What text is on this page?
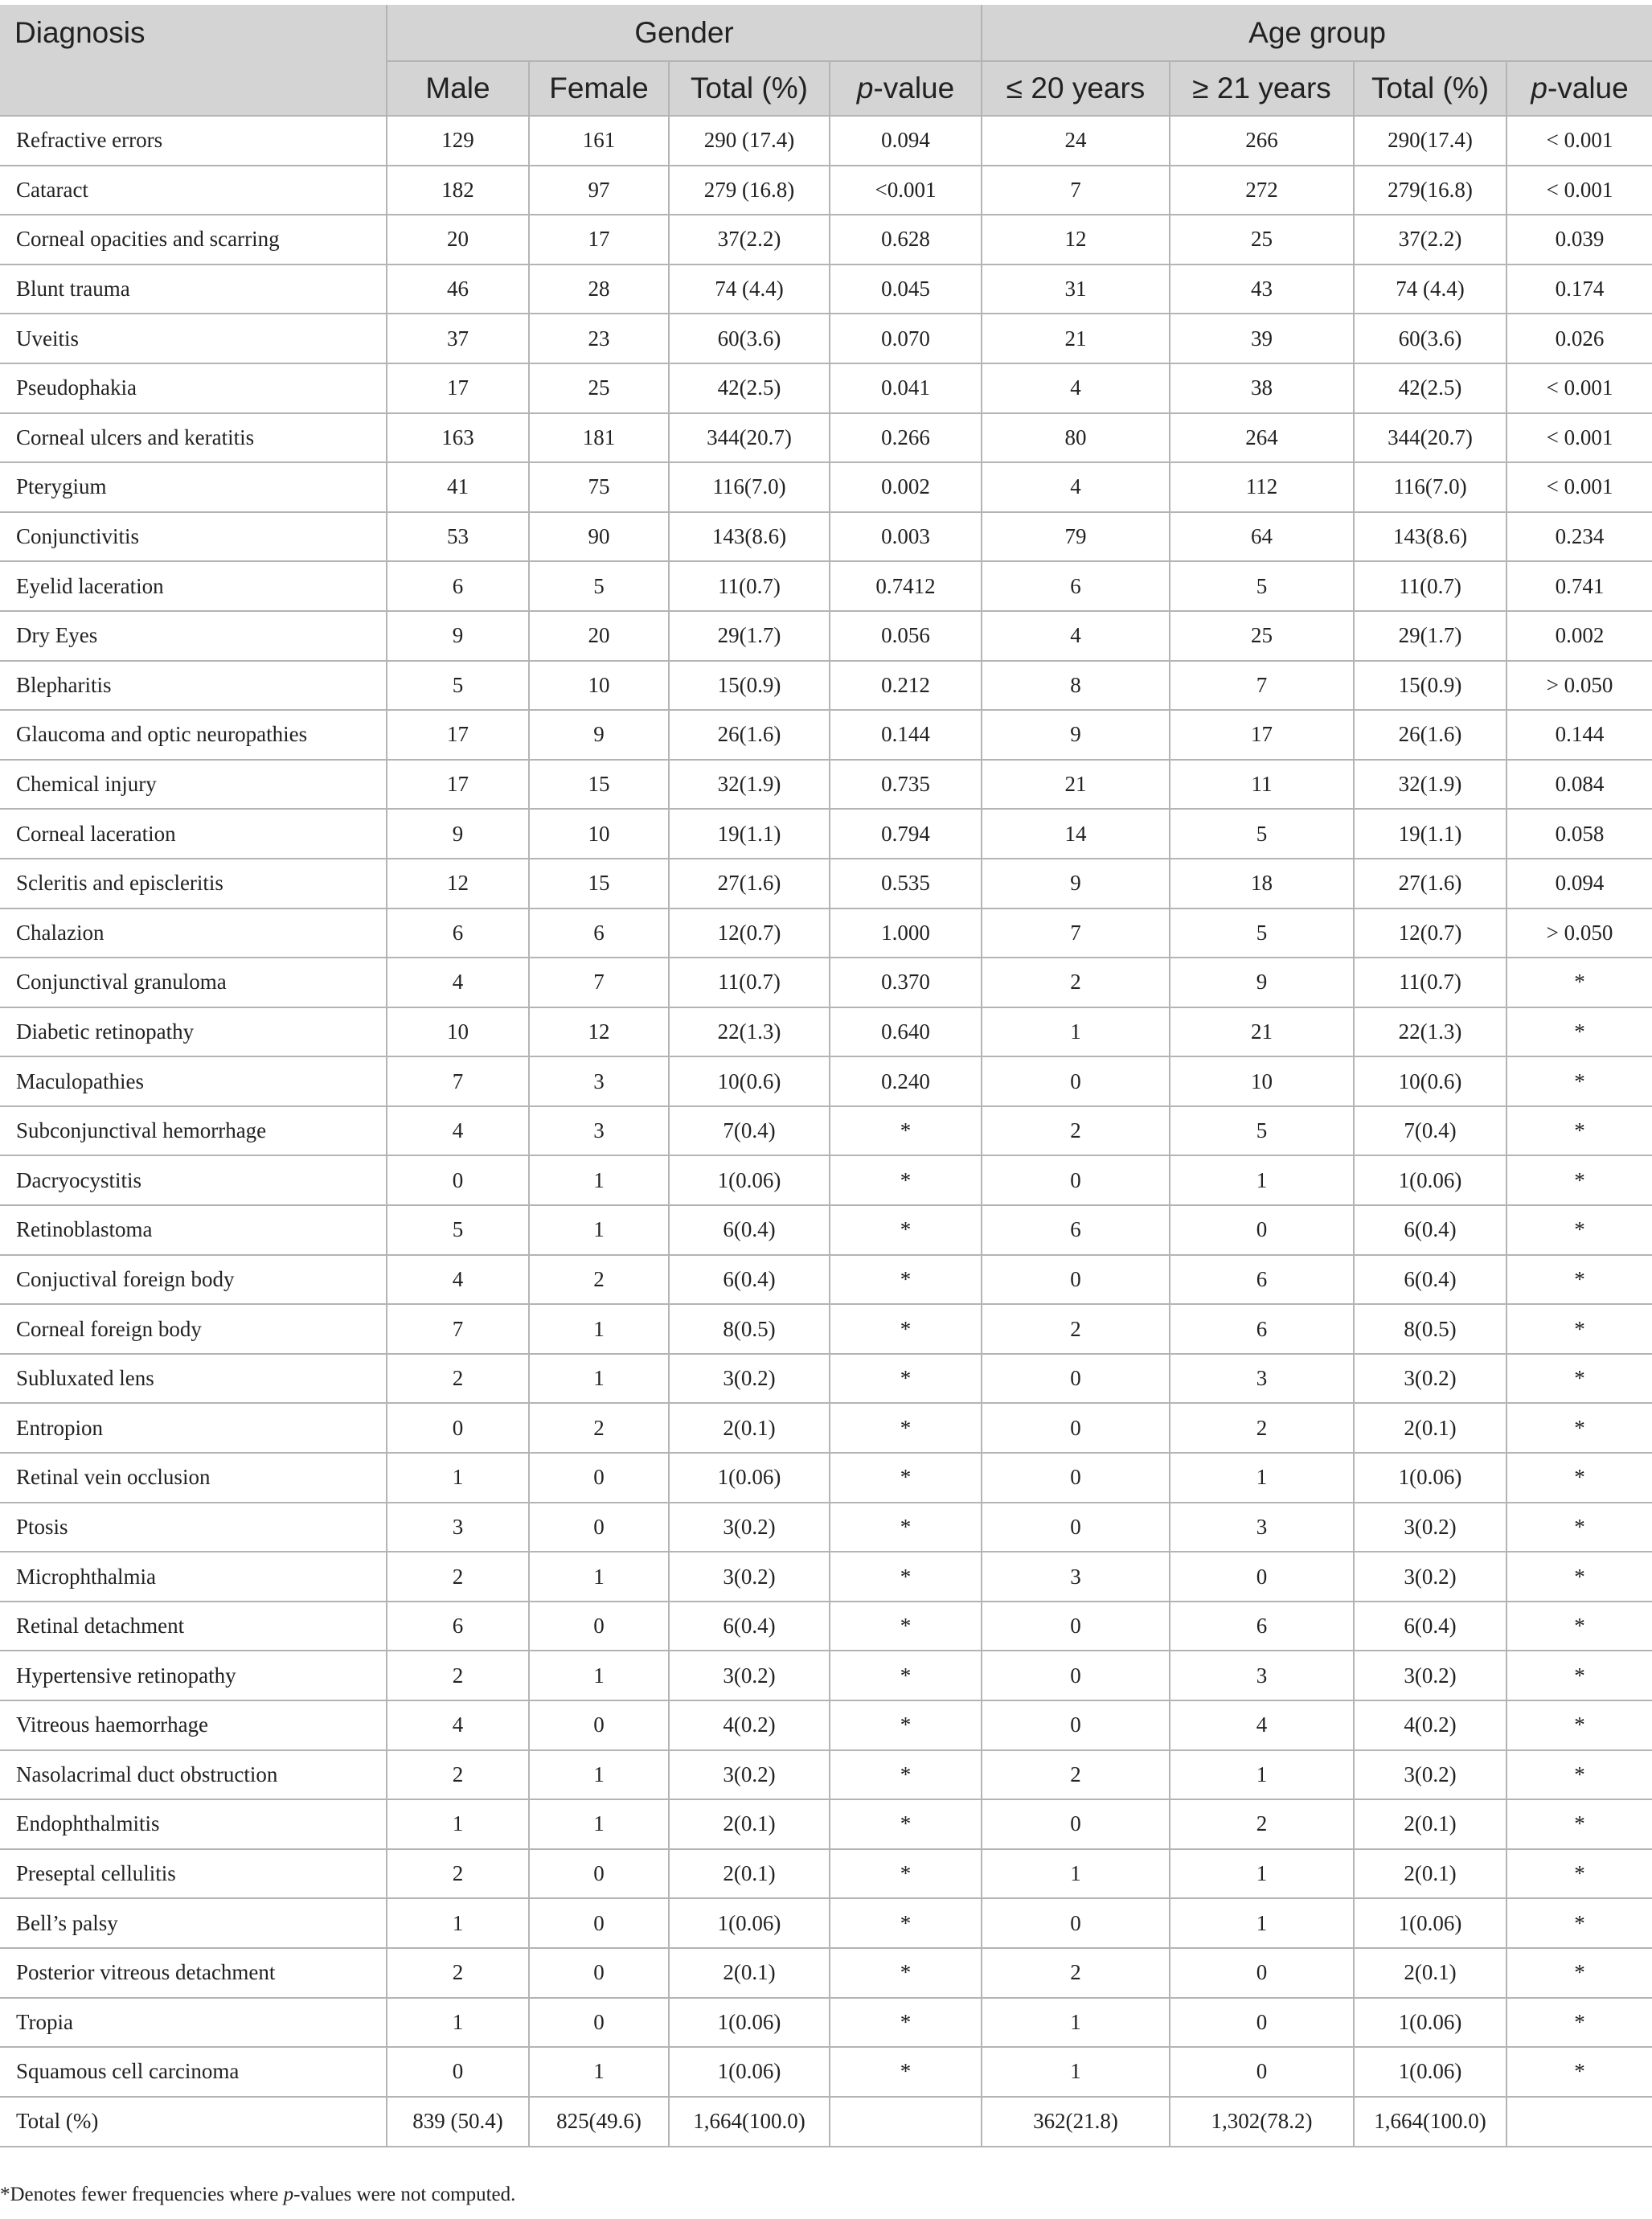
Diagnosis	Gender				Age group			
	Male	Female	Total (%)	p-value	≤ 20 years	≥ 21 years	Total (%)	p-value
Refractive errors	129	161	290 (17.4)	0.094	24	266	290(17.4)	< 0.001
Cataract	182	97	279 (16.8)	<0.001	7	272	279(16.8)	< 0.001
Corneal opacities and scarring	20	17	37(2.2)	0.628	12	25	37(2.2)	0.039
Blunt trauma	46	28	74 (4.4)	0.045	31	43	74 (4.4)	0.174
Uveitis	37	23	60(3.6)	0.070	21	39	60(3.6)	0.026
Pseudophakia	17	25	42(2.5)	0.041	4	38	42(2.5)	< 0.001
Corneal ulcers and keratitis	163	181	344(20.7)	0.266	80	264	344(20.7)	< 0.001
Pterygium	41	75	116(7.0)	0.002	4	112	116(7.0)	< 0.001
Conjunctivitis	53	90	143(8.6)	0.003	79	64	143(8.6)	0.234
Eyelid laceration	6	5	11(0.7)	0.7412	6	5	11(0.7)	0.741
Dry Eyes	9	20	29(1.7)	0.056	4	25	29(1.7)	0.002
Blepharitis	5	10	15(0.9)	0.212	8	7	15(0.9)	> 0.050
Glaucoma and optic neuropathies	17	9	26(1.6)	0.144	9	17	26(1.6)	0.144
Chemical injury	17	15	32(1.9)	0.735	21	11	32(1.9)	0.084
Corneal laceration	9	10	19(1.1)	0.794	14	5	19(1.1)	0.058
Scleritis and episcleritis	12	15	27(1.6)	0.535	9	18	27(1.6)	0.094
Chalazion	6	6	12(0.7)	1.000	7	5	12(0.7)	> 0.050
Conjunctival granuloma	4	7	11(0.7)	0.370	2	9	11(0.7)	*
Diabetic retinopathy	10	12	22(1.3)	0.640	1	21	22(1.3)	*
Maculopathies	7	3	10(0.6)	0.240	0	10	10(0.6)	*
Subconjunctival hemorrhage	4	3	7(0.4)	*	2	5	7(0.4)	*
Dacryocystitis	0	1	1(0.06)	*	0	1	1(0.06)	*
Retinoblastoma	5	1	6(0.4)	*	6	0	6(0.4)	*
Conjuctival foreign body	4	2	6(0.4)	*	0	6	6(0.4)	*
Corneal foreign body	7	1	8(0.5)	*	2	6	8(0.5)	*
Subluxated lens	2	1	3(0.2)	*	0	3	3(0.2)	*
Entropion	0	2	2(0.1)	*	0	2	2(0.1)	*
Retinal vein occlusion	1	0	1(0.06)	*	0	1	1(0.06)	*
Ptosis	3	0	3(0.2)	*	0	3	3(0.2)	*
Microphthalmia	2	1	3(0.2)	*	3	0	3(0.2)	*
Retinal detachment	6	0	6(0.4)	*	0	6	6(0.4)	*
Hypertensive retinopathy	2	1	3(0.2)	*	0	3	3(0.2)	*
Vitreous haemorrhage	4	0	4(0.2)	*	0	4	4(0.2)	*
Nasolacrimal duct obstruction	2	1	3(0.2)	*	2	1	3(0.2)	*
Endophthalmitis	1	1	2(0.1)	*	0	2	2(0.1)	*
Preseptal cellulitis	2	0	2(0.1)	*	1	1	2(0.1)	*
Bell’s palsy	1	0	1(0.06)	*	0	1	1(0.06)	*
Posterior vitreous detachment	2	0	2(0.1)	*	2	0	2(0.1)	*
Tropia	1	0	1(0.06)	*	1	0	1(0.06)	*
Squamous cell carcinoma	0	1	1(0.06)	*	1	0	1(0.06)	*
Total (%)	839 (50.4)	825(49.6)	1,664(100.0)		362(21.8)	1,302(78.2)	1,664(100.0)	
*Denotes fewer frequencies where p-values were not computed.
